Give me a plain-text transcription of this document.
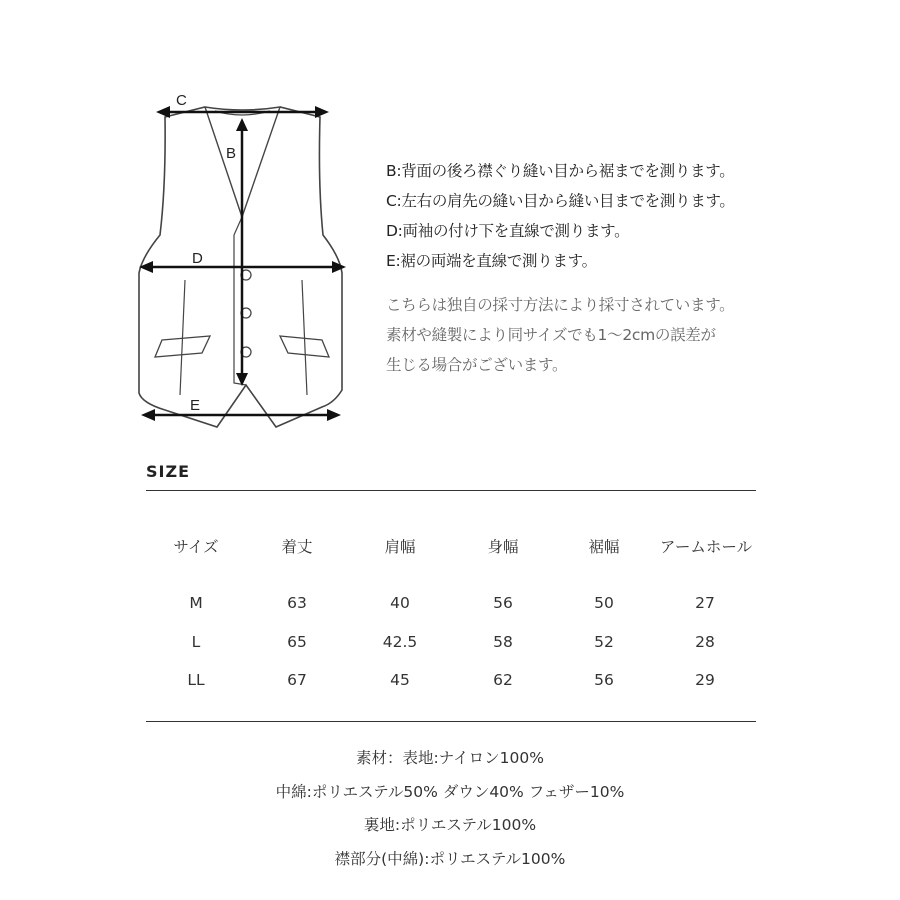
C
B
D
E
B:背面の後ろ襟ぐり縫い目から裾までを測ります。
C:左右の肩先の縫い目から縫い目までを測ります。
D:両袖の付け下を直線で測ります。
E:裾の両端を直線で測ります。
こちらは独自の採寸方法により採寸されています。
素材や縫製により同サイズでも1～2cmの誤差が
生じる場合がございます。
SIZE
サイズ	着丈	肩幅	身幅	裾幅	アームホール
M	63	40	56	50	27
L	65	42.5	58	52	28
LL	67	45	62	56	29
素材：表地:ナイロン100%
中綿:ポリエステル50% ダウン40% フェザー10%
裏地:ポリエステル100%
襟部分(中綿):ポリエステル100%
